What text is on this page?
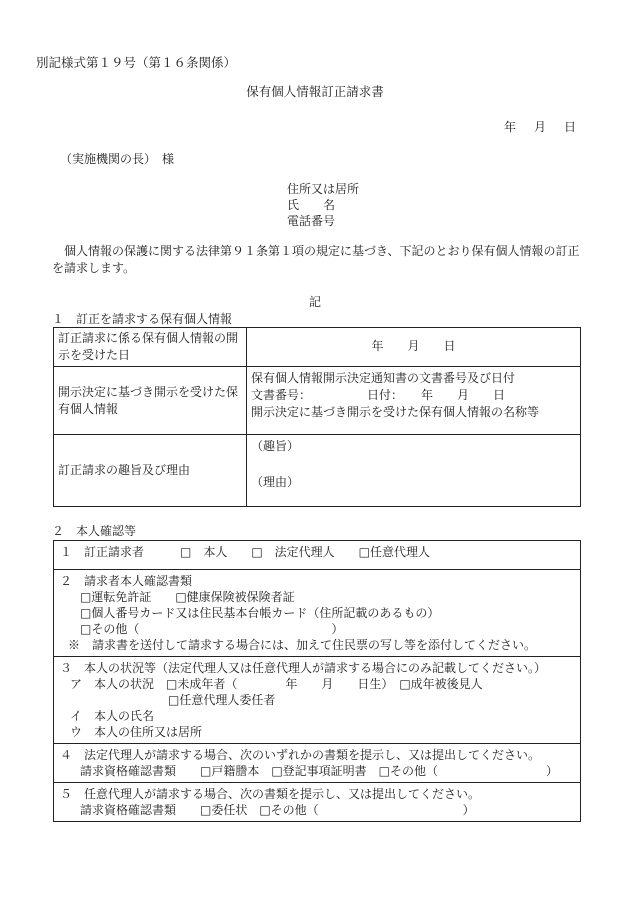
別記様式第１９号（第１６条関係）
保有個人情報訂正請求書
年 月 日
（実施機関の長）　様
住所又は居所
氏　　名
電話番号
　個人情報の保護に関する法律第９１条第１項の規定に基づき、下記のとおり保有個人情報の訂正を請求します。
記
１　訂正を請求する保有個人情報
訂正請求に係る保有個人情報の開示を受けた日	年　　月　　日
開示決定に基づき開示を受けた保有個人情報	保有個人情報開示決定通知書の文書番号及び日付
文書番号： 日付：　　年　　月　　日
開示決定に基づき開示を受けた保有個人情報の名称等

訂正請求の趣旨及び理由	（趣旨）
（理由）
２　本人確認等
１　訂正請求者　　　□　本人　　□　法定代理人　　□任意代理人

２　請求者本人確認書類
□運転免許証　　□健康保険被保険者証
□個人番号カード又は住民基本台帳カード（住所記載のあるもの）
□その他（　　　　　　　　　　　　　　　　）
※　請求書を送付して請求する場合には、加えて住民票の写し等を添付してください。

３　本人の状況等（法定代理人又は任意代理人が請求する場合にのみ記載してください。）
ア　本人の状況　□未成年者（　　　　年　　月　　日生）　□成年被後見人
□任意代理人委任者
イ　本人の氏名
ウ　本人の住所又は居所

４　法定代理人が請求する場合、次のいずれかの書類を提示し、又は提出してください。
請求資格確認書類　　□戸籍謄本　□登記事項証明書　□その他（　　　　　　　　　）

５　任意代理人が請求する場合、次の書類を提示し、又は提出してください。
請求資格確認書類　　□委任状　□その他（　　　　　　　　　　　　）
